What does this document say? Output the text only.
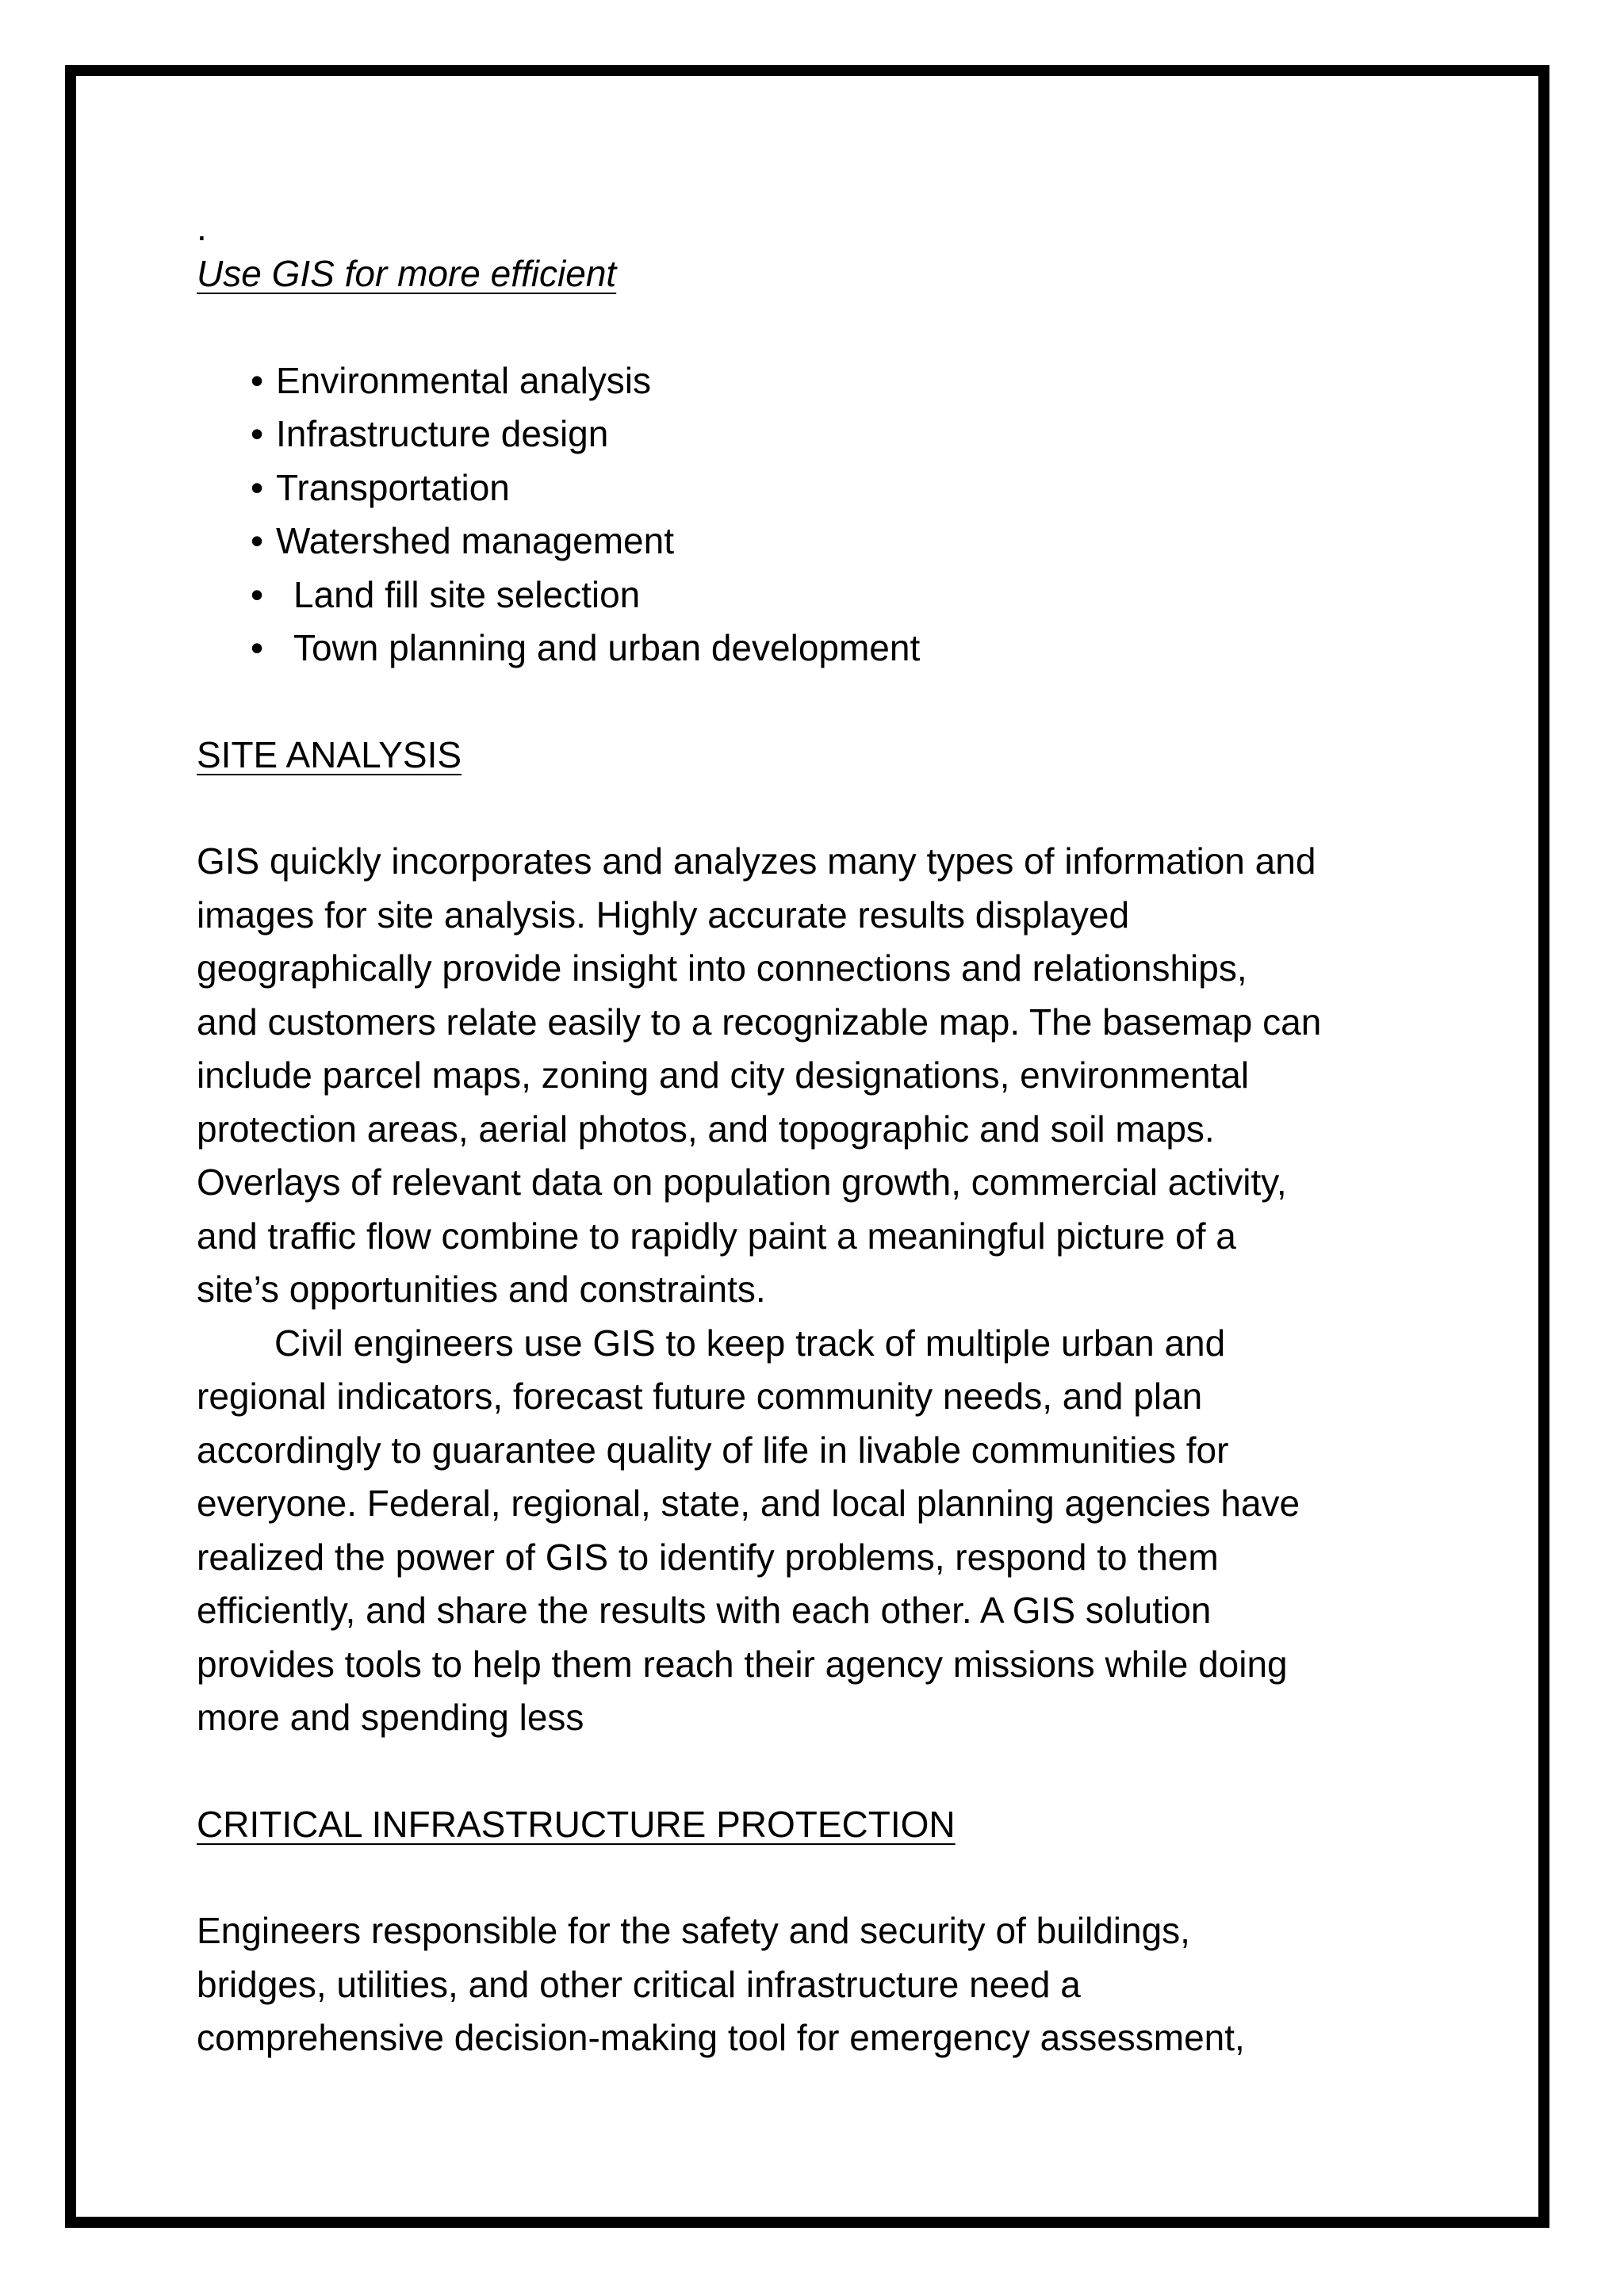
.
Use GIS for more efficient
• Environmental analysis
• Infrastructure design
• Transportation
• Watershed management
• Land fill site selection
• Town planning and urban development
SITE ANALYSIS
GIS quickly incorporates and analyzes many types of information and
images for site analysis. Highly accurate results displayed
geographically provide insight into connections and relationships,
and customers relate easily to a recognizable map. The basemap can
include parcel maps, zoning and city designations, environmental
protection areas, aerial photos, and topographic and soil maps.
Overlays of relevant data on population growth, commercial activity,
and traffic flow combine to rapidly paint a meaningful picture of a
site’s opportunities and constraints.
Civil engineers use GIS to keep track of multiple urban and
regional indicators, forecast future community needs, and plan
accordingly to guarantee quality of life in livable communities for
everyone. Federal, regional, state, and local planning agencies have
realized the power of GIS to identify problems, respond to them
efficiently, and share the results with each other. A GIS solution
provides tools to help them reach their agency missions while doing
more and spending less
CRITICAL INFRASTRUCTURE PROTECTION
Engineers responsible for the safety and security of buildings,
bridges, utilities, and other critical infrastructure need a
comprehensive decision-making tool for emergency assessment,
